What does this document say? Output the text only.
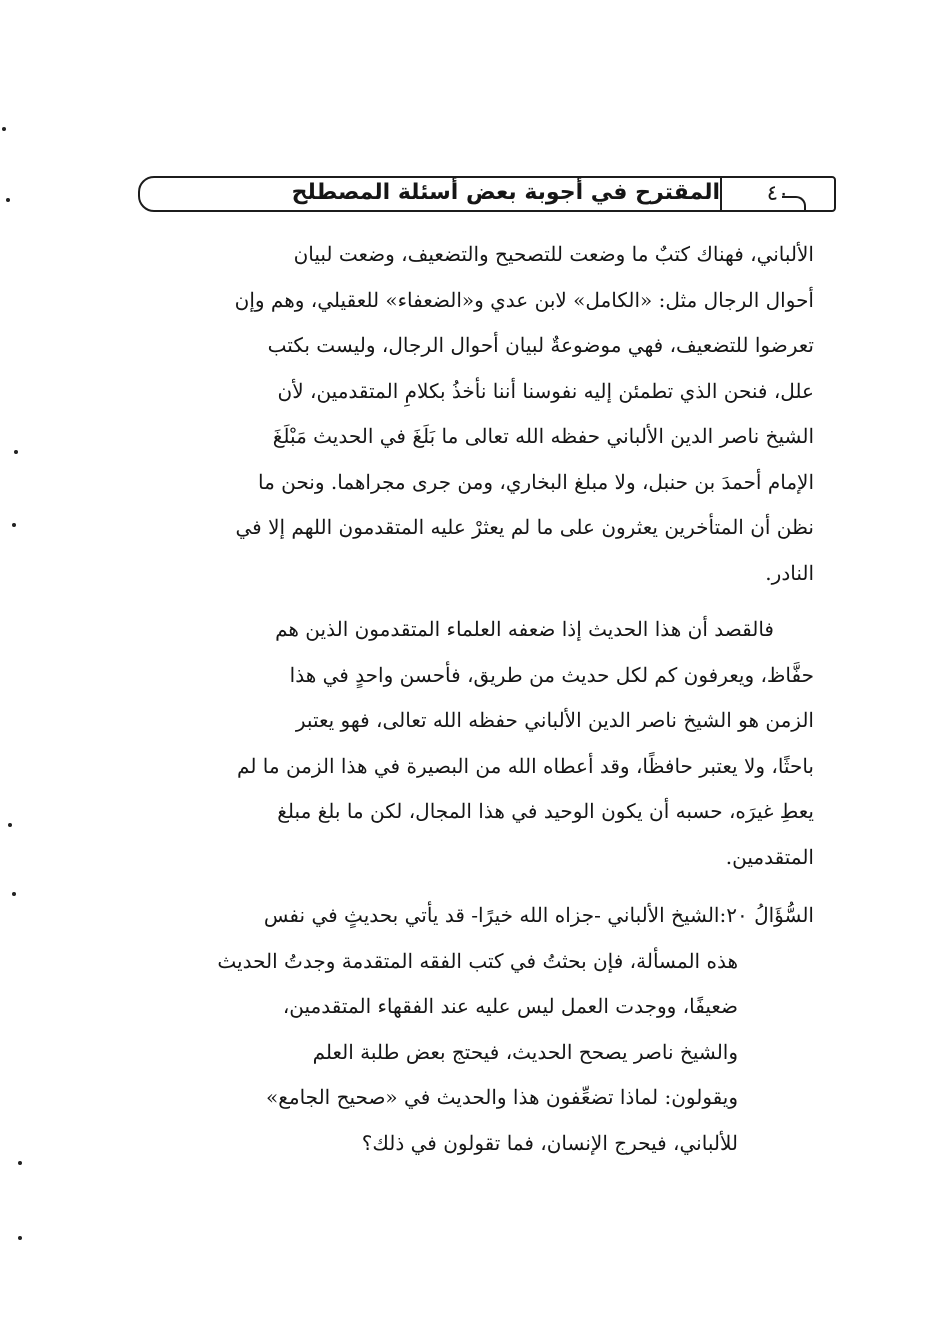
المقترح في أجوبة بعض أسئلة المصطلح	٤٠
الألباني، فهناك كتبٌ ما وضعت للتصحيح والتضعيف، وضعت لبيان
أحوال الرجال مثل: «الكامل» لابن عدي و«الضعفاء» للعقيلي، وهم وإن
تعرضوا للتضعيف، فهي موضوعةٌ لبيان أحوال الرجال، وليست بكتب
علل، فنحن الذي تطمئن إليه نفوسنا أننا نأخذُ بكلامِ المتقدمين، لأن
الشيخ ناصر الدين الألباني حفظه الله تعالى ما بَلَغَ في الحديث مَبْلَغَ
الإمام أحمدَ بن حنبل، ولا مبلغ البخاري، ومن جرى مجراهما. ونحن ما
نظن أن المتأخرين يعثرون على ما لم يعثرْ عليه المتقدمون اللهم إلا في
النادر.
فالقصد أن هذا الحديث إذا ضعفه العلماء المتقدمون الذين هم
حفَّاظ، ويعرفون كم لكل حديث من طريق، فأحسن واحدٍ في هذا
الزمن هو الشيخ ناصر الدين الألباني حفظه الله تعالى، فهو يعتبر
باحثًا، ولا يعتبر حافظًا، وقد أعطاه الله من البصيرة في هذا الزمن ما لم
يعطِ غيرَه، حسبه أن يكون الوحيد في هذا المجال، لكن ما بلغ مبلغ
المتقدمين.
السُّؤَالُ ٢٠:الشيخ الألباني -جزاه الله خيرًا- قد يأتي بحديثٍ في نفس
هذه المسألة، فإن بحثتُ في كتب الفقه المتقدمة وجدتُ الحديث
ضعيفًا، ووجدت العمل ليس عليه عند الفقهاء المتقدمين،
والشيخ ناصر يصحح الحديث، فيحتج بعض طلبة العلم
ويقولون: لماذا تضعِّفون هذا والحديث في «صحيح الجامع»
للألباني، فيحرج الإنسان، فما تقولون في ذلك؟
